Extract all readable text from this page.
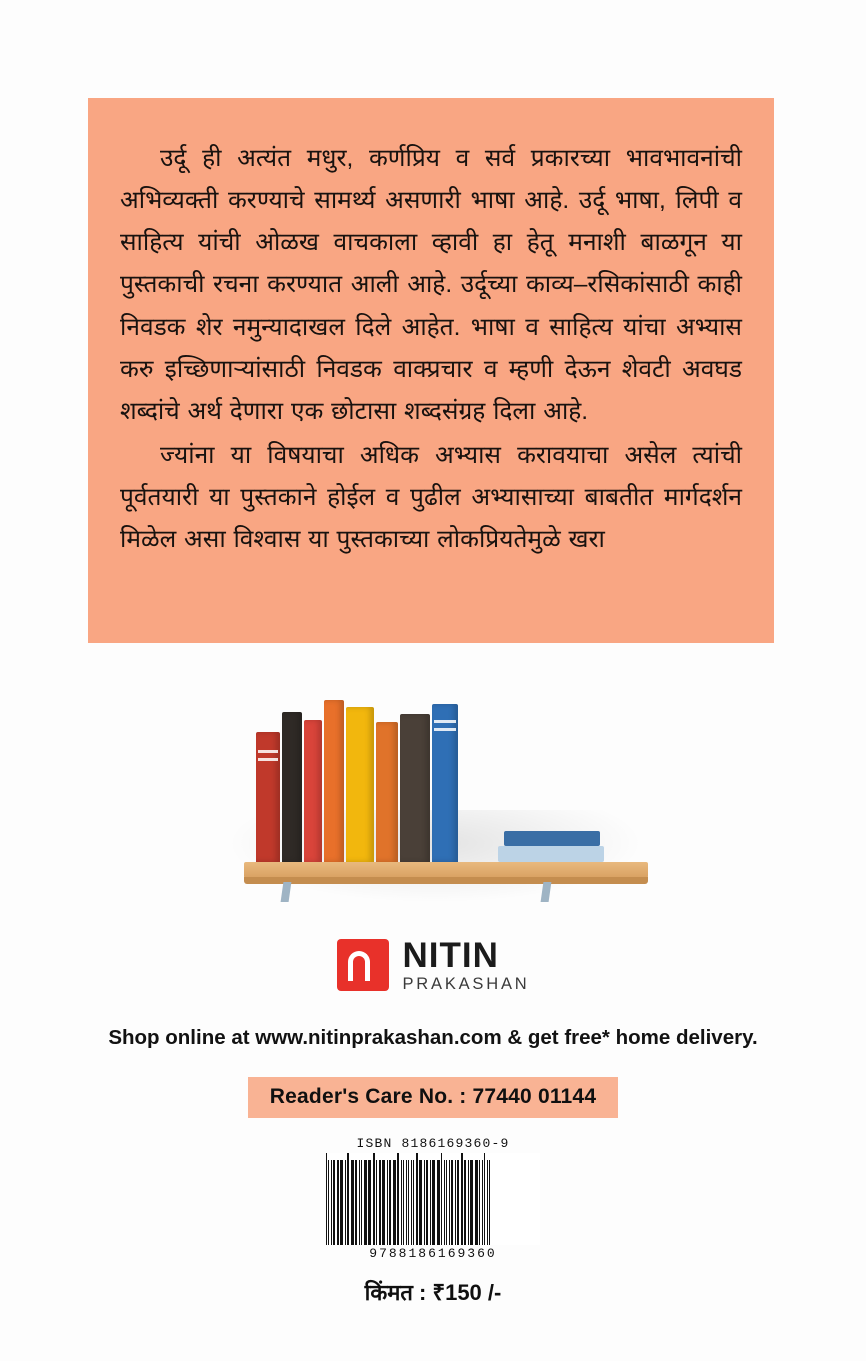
उर्दू ही अत्यंत मधुर, कर्णप्रिय व सर्व प्रकारच्या भावभावनांची अभिव्यक्ती करण्याचे सामर्थ्य असणारी भाषा आहे. उर्दू भाषा, लिपी व साहित्य यांची ओळख वाचकाला व्हावी हा हेतू मनाशी बाळगून या पुस्तकाची रचना करण्यात आली आहे. उर्दूच्या काव्य–रसिकांसाठी काही निवडक शेर नमुन्यादाखल दिले आहेत. भाषा व साहित्य यांचा अभ्यास करु इच्छिणाऱ्यांसाठी निवडक वाक्प्रचार व म्हणी देऊन शेवटी अवघड शब्दांचे अर्थ देणारा एक छोटासा शब्दसंग्रह दिला आहे.

ज्यांना या विषयाचा अधिक अभ्यास करावयाचा असेल त्यांची पूर्वतयारी या पुस्तकाने होईल व पुढील अभ्यासाच्या बाबतीत मार्गदर्शन मिळेल असा विश्वास या पुस्तकाच्या लोकप्रियतेमुळे खरा

NITIN
PRAKASHAN
Shop online at www.nitinprakashan.com & get free* home delivery.
Reader's Care No. : 77440 01144
ISBN 8186169360-9
9788186169360
किंमत : ₹150 /-
